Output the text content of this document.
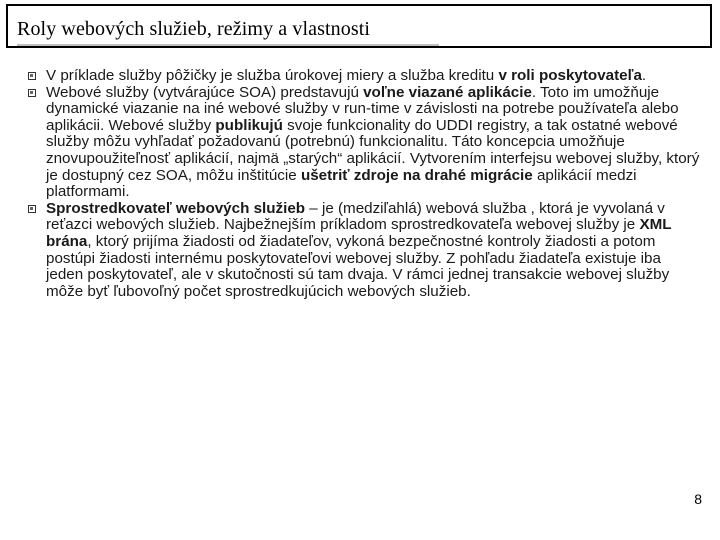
Roly webových služieb, režimy a vlastnosti
V príklade služby pôžičky je služba úrokovej miery a služba kreditu v roli poskytovateľa.
Webové služby (vytvárajúce SOA) predstavujú voľne viazané aplikácie. Toto im umožňuje dynamické viazanie na iné webové služby v run-time v závislosti na potrebe používateľa alebo aplikácii. Webové služby publikujú svoje funkcionality do UDDI registry, a tak ostatné webové služby môžu vyhľadať požadovanú (potrebnú) funkcionalitu. Táto koncepcia umožňuje znovupoužiteľnosť aplikácií, najmä „starých“ aplikácií. Vytvorením interfejsu webovej služby, ktorý je dostupný cez SOA, môžu inštitúcie ušetriť zdroje na drahé migrácie aplikácií medzi platformami.
Sprostredkovateľ webových služieb – je (medziľahlá) webová služba , ktorá je vyvolaná v reťazci webových služieb. Najbežnejším príkladom sprostredkovateľa webovej služby je XML brána, ktorý prijíma žiadosti od žiadateľov, vykoná bezpečnostné kontroly žiadosti a potom postúpi žiadosti internému poskytovateľovi webovej služby. Z pohľadu žiadateľa existuje iba jeden poskytovateľ, ale v skutočnosti sú tam dvaja. V rámci jednej transakcie webovej služby môže byť ľubovoľný počet sprostredkujúcich webových služieb.
8
